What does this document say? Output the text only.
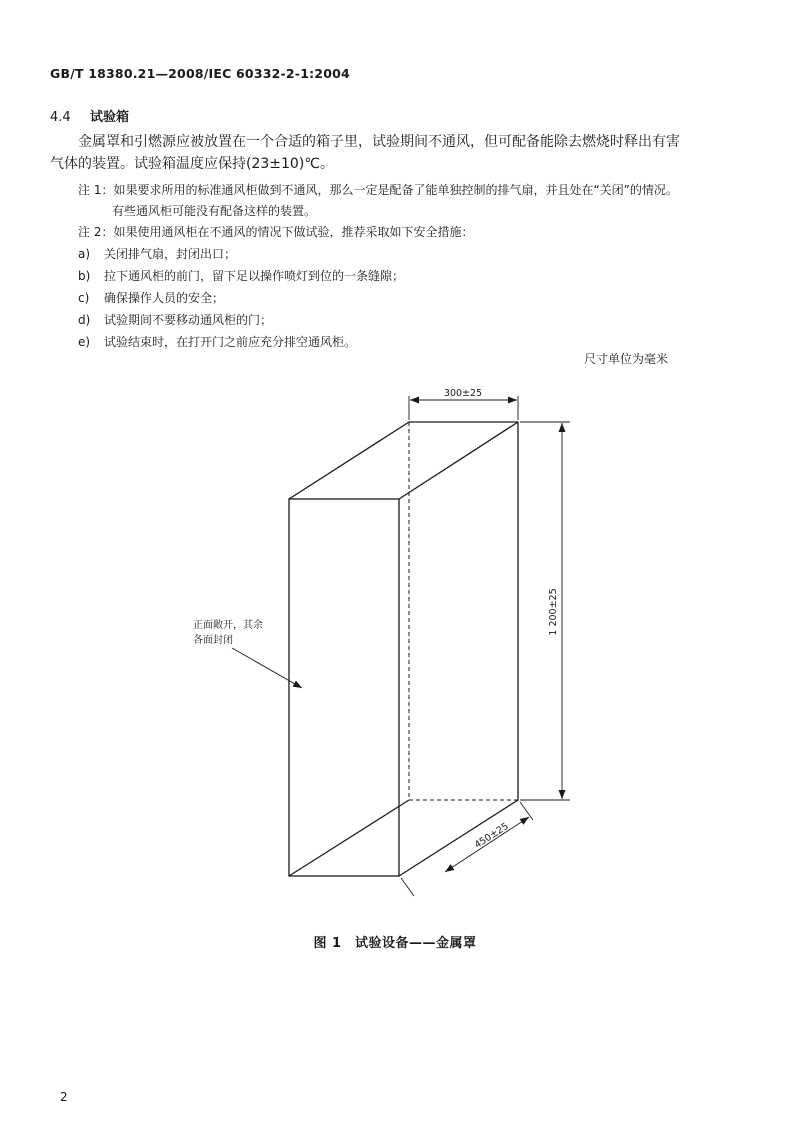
GB/T 18380.21—2008/IEC 60332-2-1:2004
4.4 试验箱
金属罩和引燃源应被放置在一个合适的箱子里，试验期间不通风，但可配备能除去燃烧时释出有害
气体的装置。试验箱温度应保持(23±10)℃。
注 1：如果要求所用的标准通风柜做到不通风，那么一定是配备了能单独控制的排气扇，并且处在“关闭”的情况。
有些通风柜可能没有配备这样的装置。
注 2：如果使用通风柜在不通风的情况下做试验，推荐采取如下安全措施：
a) 关闭排气扇，封闭出口；
b) 拉下通风柜的前门，留下足以操作喷灯到位的一条缝隙；
c) 确保操作人员的安全；
d) 试验期间不要移动通风柜的门；
e) 试验结束时，在打开门之前应充分排空通风柜。
尺寸单位为毫米
300±25
1 200±25
450±25
正面敞开，其余
各面封闭
图 1　试验设备——金属罩
2
